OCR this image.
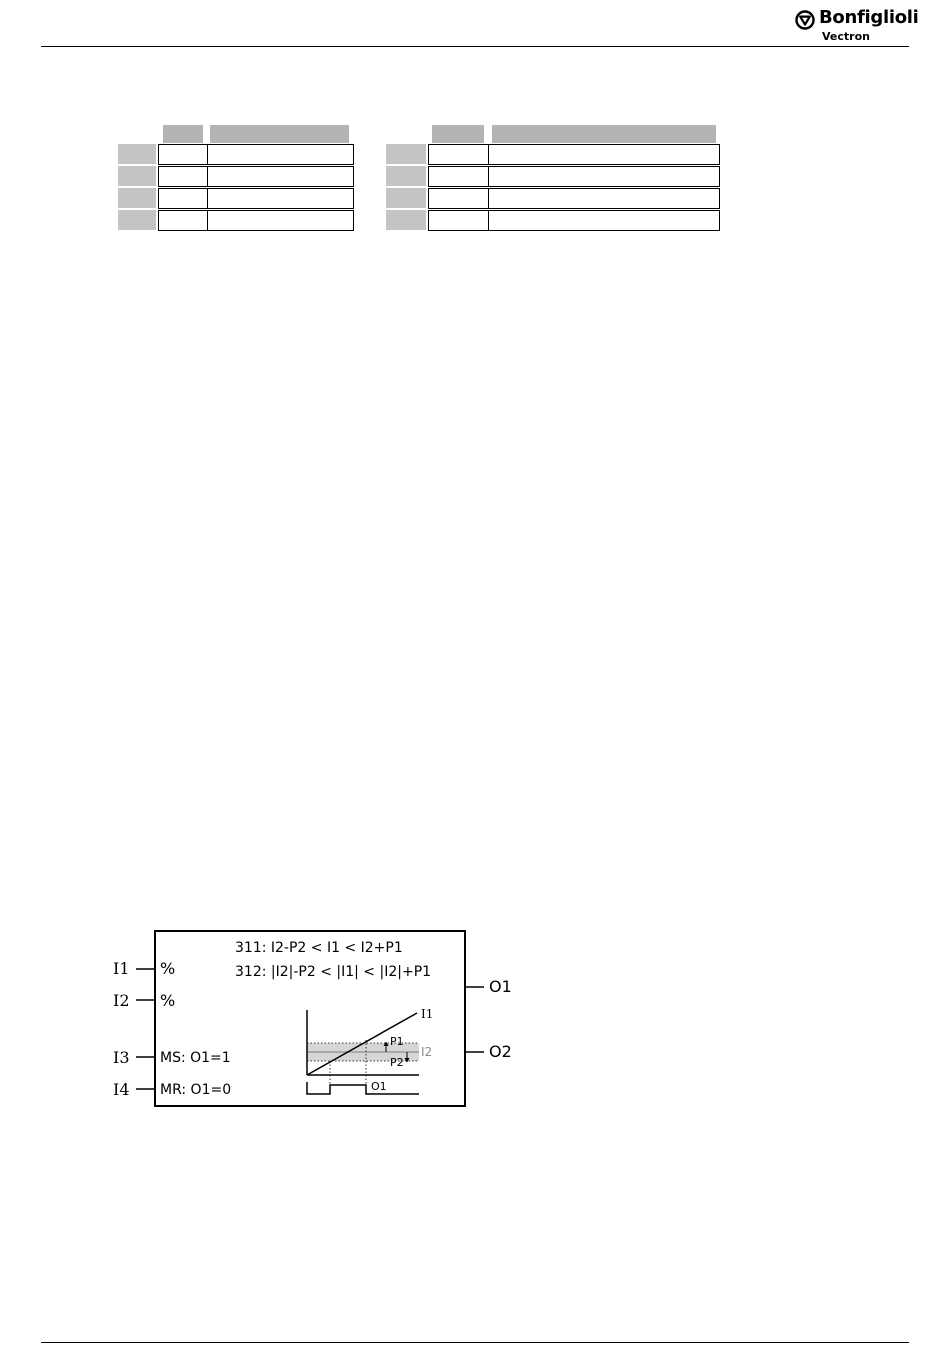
Bonfiglioli
Vectron
I1
I2
I3
I4
O1
O2
%
%
MS: O1=1
MR: O1=0
311: I2-P2 < I1 < I2+P1
312: |I2|-P2 < |I1| < |I2|+P1
I1
I2
P1
P2
O1
